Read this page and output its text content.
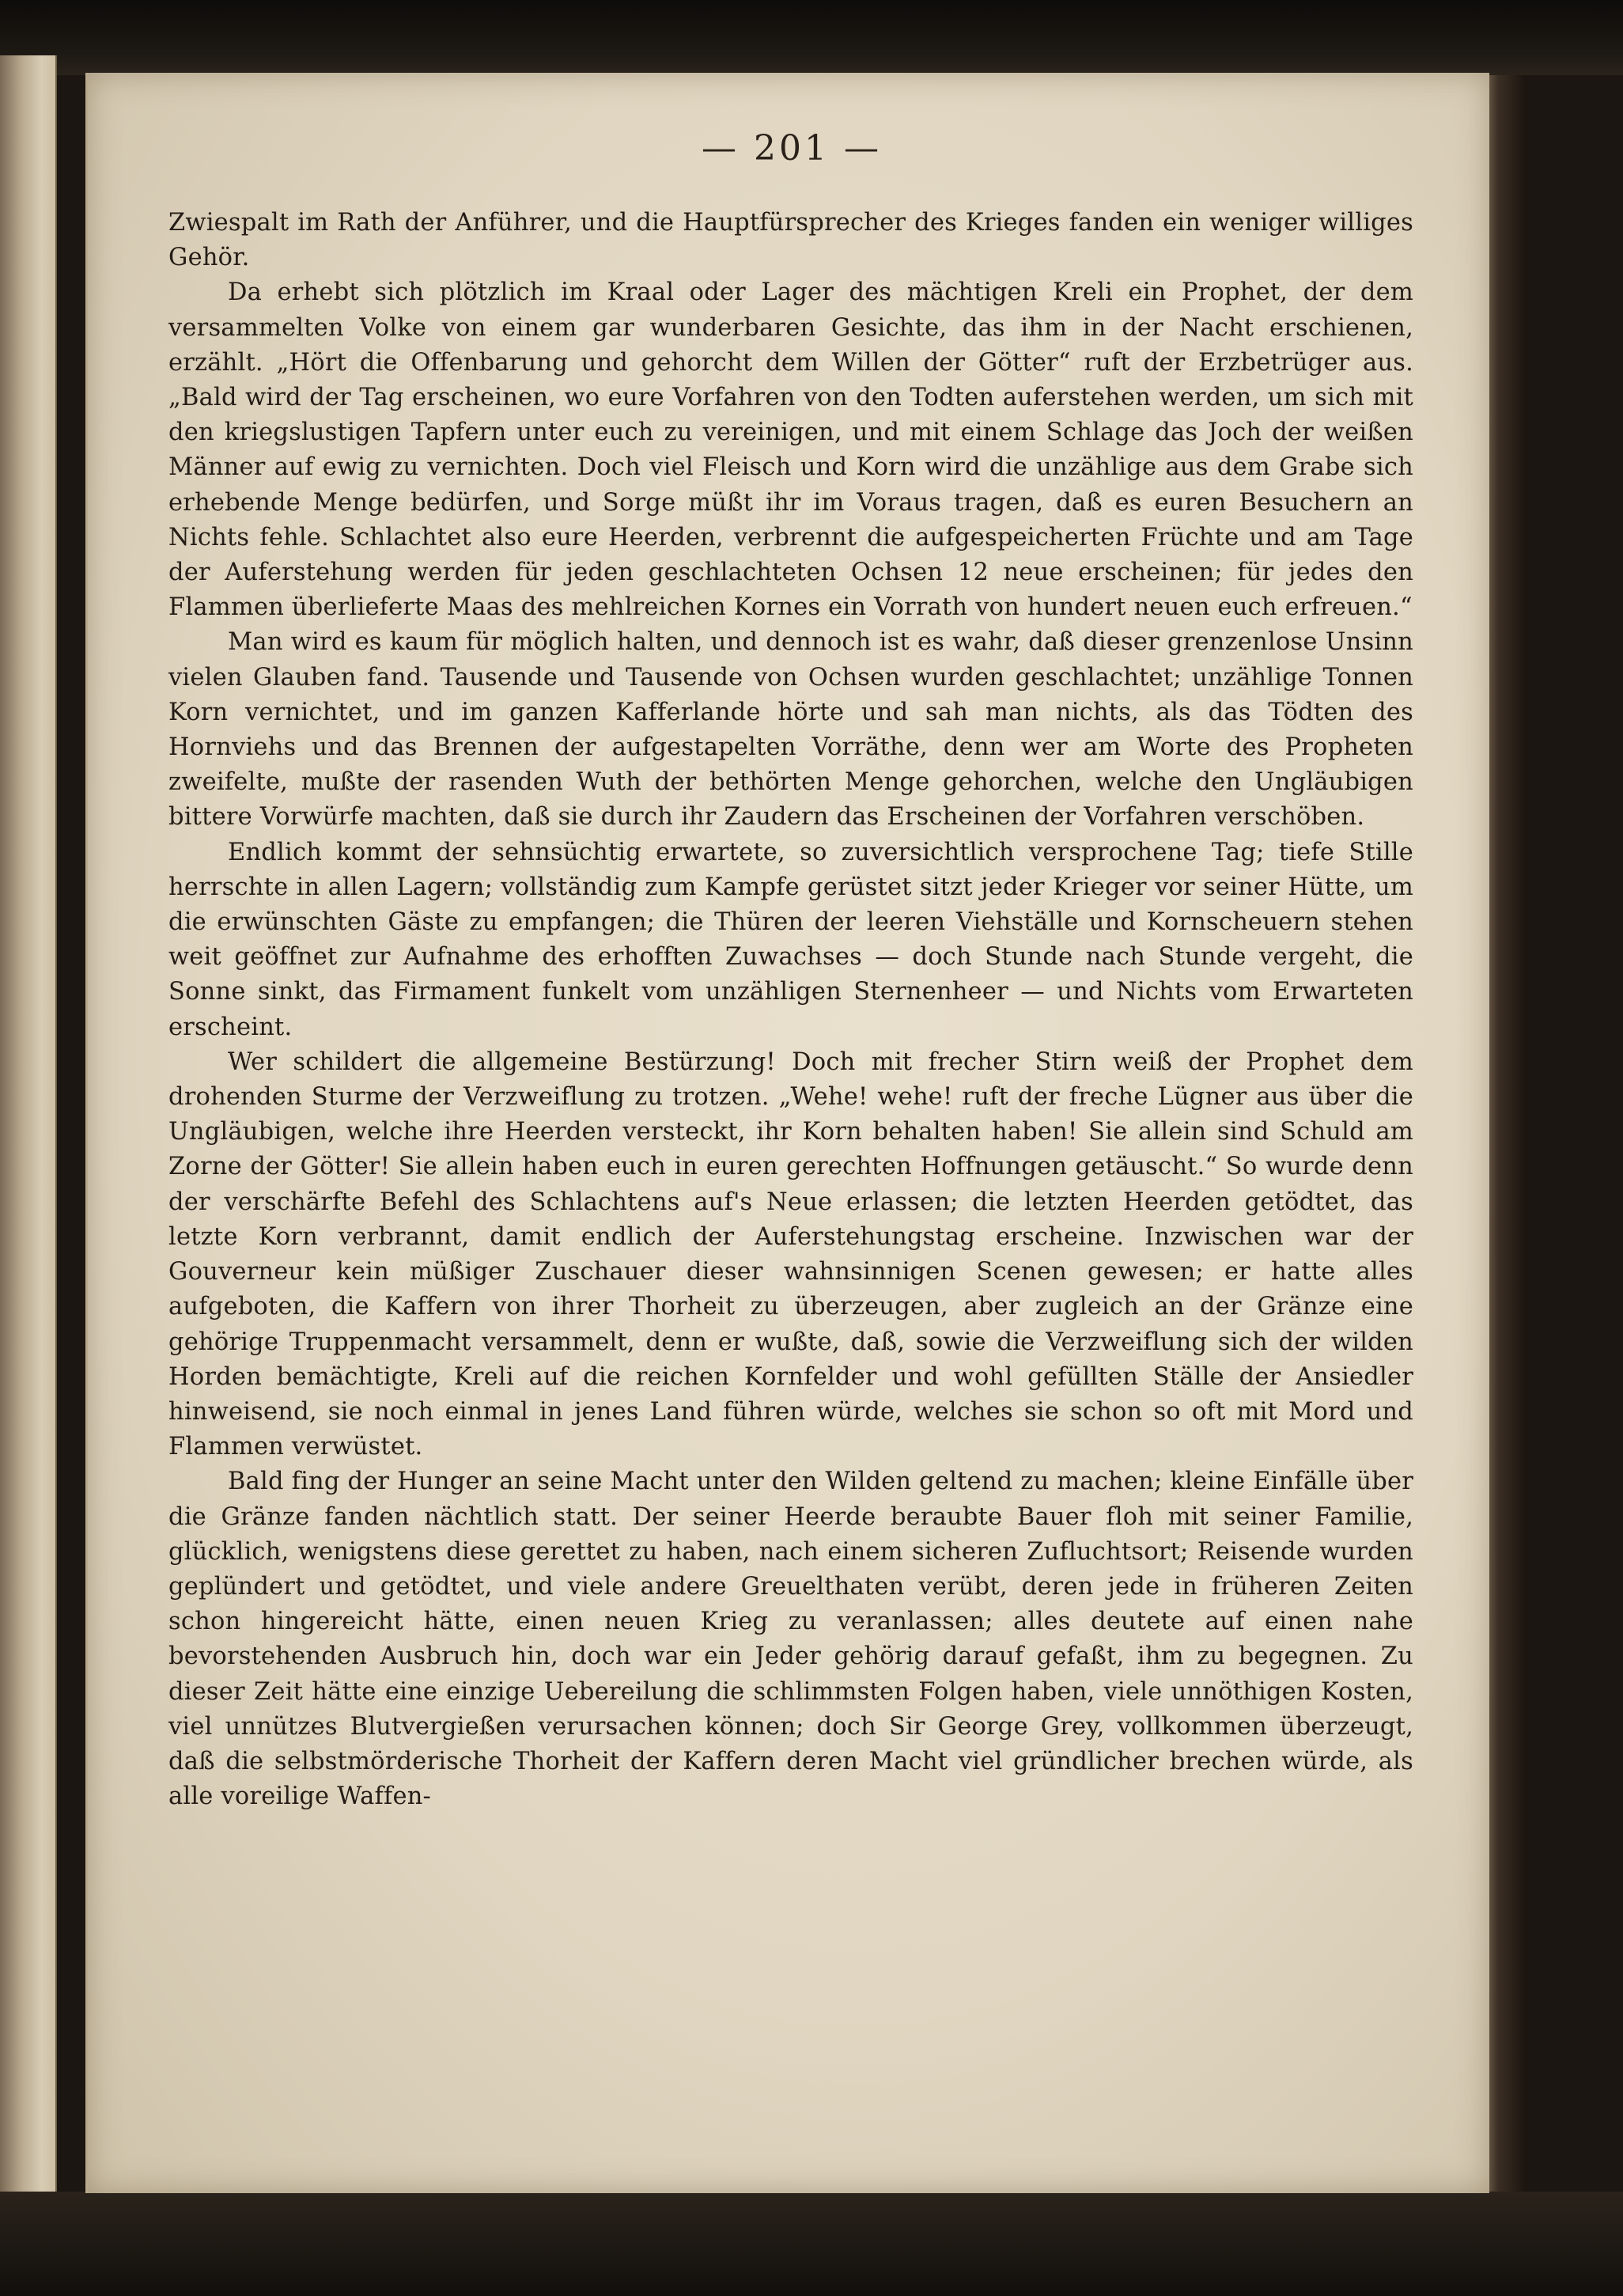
— 201 —

Zwiespalt im Rath der Anführer, und die Hauptfürsprecher des Krieges fanden ein weniger williges Gehör.

Da erhebt sich plötzlich im Kraal oder Lager des mächtigen Kreli ein Prophet, der dem versammelten Volke von einem gar wunderbaren Gesichte, das ihm in der Nacht erschienen, erzählt. „Hört die Offenbarung und gehorcht dem Willen der Götter“ ruft der Erzbetrüger aus. „Bald wird der Tag erscheinen, wo eure Vorfahren von den Todten auferstehen werden, um sich mit den kriegslustigen Tapfern unter euch zu vereinigen, und mit einem Schlage das Joch der weißen Männer auf ewig zu vernichten. Doch viel Fleisch und Korn wird die unzählige aus dem Grabe sich erhebende Menge bedürfen, und Sorge müßt ihr im Voraus tragen, daß es euren Besuchern an Nichts fehle. Schlachtet also eure Heerden, verbrennt die aufgespeicherten Früchte und am Tage der Auferstehung werden für jeden geschlachteten Ochsen 12 neue erscheinen; für jedes den Flammen überlieferte Maas des mehlreichen Kornes ein Vorrath von hundert neuen euch erfreuen.“

Man wird es kaum für möglich halten, und dennoch ist es wahr, daß dieser grenzenlose Unsinn vielen Glauben fand. Tausende und Tausende von Ochsen wurden geschlachtet; unzählige Tonnen Korn vernichtet, und im ganzen Kafferlande hörte und sah man nichts, als das Tödten des Hornviehs und das Brennen der aufgestapelten Vorräthe, denn wer am Worte des Propheten zweifelte, mußte der rasenden Wuth der bethörten Menge gehorchen, welche den Ungläubigen bittere Vorwürfe machten, daß sie durch ihr Zaudern das Erscheinen der Vorfahren verschöben.

Endlich kommt der sehnsüchtig erwartete, so zuversichtlich versprochene Tag; tiefe Stille herrschte in allen Lagern; vollständig zum Kampfe gerüstet sitzt jeder Krieger vor seiner Hütte, um die erwünschten Gäste zu empfangen; die Thüren der leeren Viehställe und Kornscheuern stehen weit geöffnet zur Aufnahme des erhofften Zuwachses — doch Stunde nach Stunde vergeht, die Sonne sinkt, das Firmament funkelt vom unzähligen Sternenheer — und Nichts vom Erwarteten erscheint.

Wer schildert die allgemeine Bestürzung! Doch mit frecher Stirn weiß der Prophet dem drohenden Sturme der Verzweiflung zu trotzen. „Wehe! wehe! ruft der freche Lügner aus über die Ungläubigen, welche ihre Heerden versteckt, ihr Korn behalten haben! Sie allein sind Schuld am Zorne der Götter! Sie allein haben euch in euren gerechten Hoffnungen getäuscht.“ So wurde denn der verschärfte Befehl des Schlachtens auf's Neue erlassen; die letzten Heerden getödtet, das letzte Korn verbrannt, damit endlich der Auferstehungstag erscheine. Inzwischen war der Gouverneur kein müßiger Zuschauer dieser wahnsinnigen Scenen gewesen; er hatte alles aufgeboten, die Kaffern von ihrer Thorheit zu überzeugen, aber zugleich an der Gränze eine gehörige Truppenmacht versammelt, denn er wußte, daß, sowie die Verzweiflung sich der wilden Horden bemächtigte, Kreli auf die reichen Kornfelder und wohl gefüllten Ställe der Ansiedler hinweisend, sie noch einmal in jenes Land führen würde, welches sie schon so oft mit Mord und Flammen verwüstet.

Bald fing der Hunger an seine Macht unter den Wilden geltend zu machen; kleine Einfälle über die Gränze fanden nächtlich statt. Der seiner Heerde beraubte Bauer floh mit seiner Familie, glücklich, wenigstens diese gerettet zu haben, nach einem sicheren Zufluchtsort; Reisende wurden geplündert und getödtet, und viele andere Greuelthaten verübt, deren jede in früheren Zeiten schon hingereicht hätte, einen neuen Krieg zu veranlassen; alles deutete auf einen nahe bevorstehenden Ausbruch hin, doch war ein Jeder gehörig darauf gefaßt, ihm zu begegnen. Zu dieser Zeit hätte eine einzige Uebereilung die schlimmsten Folgen haben, viele unnöthigen Kosten, viel unnützes Blutvergießen verursachen können; doch Sir George Grey, vollkommen überzeugt, daß die selbstmörderische Thorheit der Kaffern deren Macht viel gründlicher brechen würde, als alle voreilige Waffen-
